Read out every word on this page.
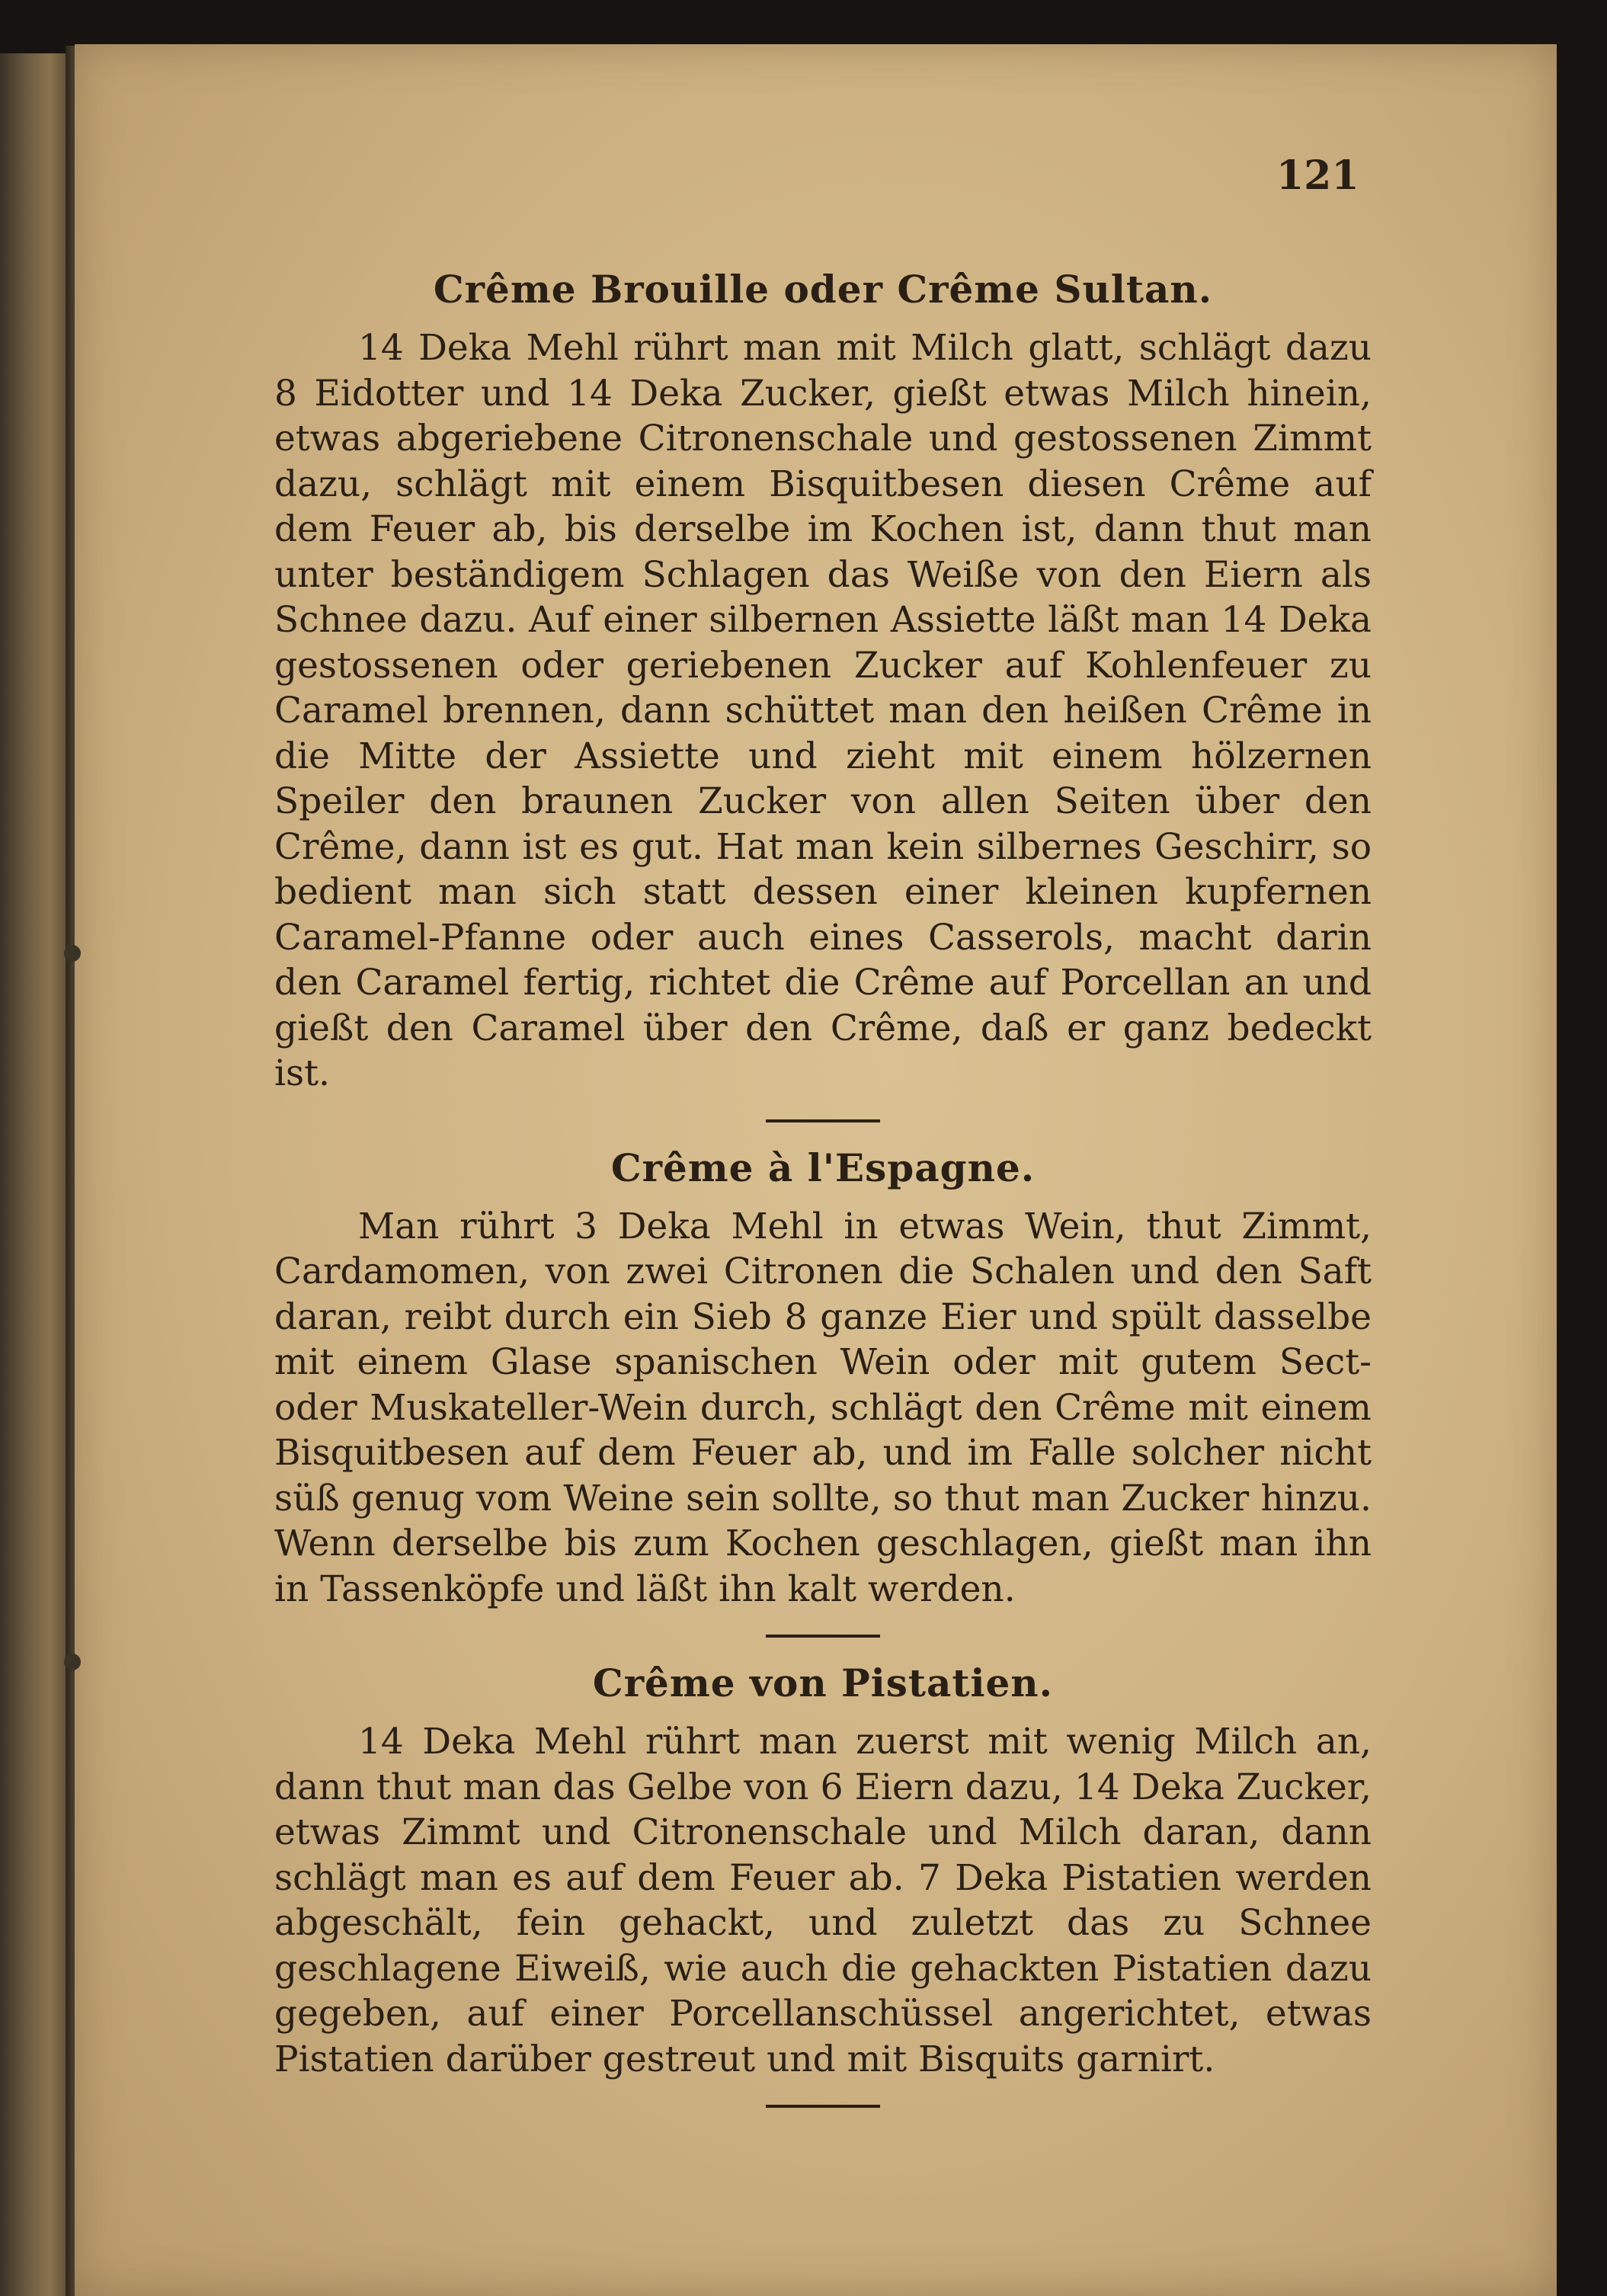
121
Crême Brouille oder Crême Sultan.

14 Deka Mehl rührt man mit Milch glatt, schlägt dazu 8 Eidotter und 14 Deka Zucker, gießt etwas Milch hinein, etwas abgeriebene Citronenschale und gestossenen Zimmt dazu, schlägt mit einem Bisquitbesen diesen Crême auf dem Feuer ab, bis derselbe im Kochen ist, dann thut man unter beständigem Schlagen das Weiße von den Eiern als Schnee dazu. Auf einer silbernen Assiette läßt man 14 Deka gestossenen oder geriebenen Zucker auf Kohlenfeuer zu Caramel brennen, dann schüttet man den heißen Crême in die Mitte der Assiette und zieht mit einem hölzernen Speiler den braunen Zucker von allen Seiten über den Crême, dann ist es gut. Hat man kein silbernes Geschirr, so bedient man sich statt dessen einer kleinen kupfernen Caramel-Pfanne oder auch eines Casserols, macht darin den Caramel fertig, richtet die Crême auf Porcellan an und gießt den Caramel über den Crême, daß er ganz bedeckt ist.

Crême à l'Espagne.

Man rührt 3 Deka Mehl in etwas Wein, thut Zimmt, Cardamomen, von zwei Citronen die Schalen und den Saft daran, reibt durch ein Sieb 8 ganze Eier und spült dasselbe mit einem Glase spanischen Wein oder mit gutem Sect- oder Muskateller-Wein durch, schlägt den Crême mit einem Bisquitbesen auf dem Feuer ab, und im Falle solcher nicht süß genug vom Weine sein sollte, so thut man Zucker hinzu. Wenn derselbe bis zum Kochen geschlagen, gießt man ihn in Tassenköpfe und läßt ihn kalt werden.

Crême von Pistatien.

14 Deka Mehl rührt man zuerst mit wenig Milch an, dann thut man das Gelbe von 6 Eiern dazu, 14 Deka Zucker, etwas Zimmt und Citronenschale und Milch daran, dann schlägt man es auf dem Feuer ab. 7 Deka Pistatien werden abgeschält, fein gehackt, und zuletzt das zu Schnee geschlagene Eiweiß, wie auch die gehackten Pistatien dazu gegeben, auf einer Porcellanschüssel angerichtet, etwas Pistatien darüber gestreut und mit Bisquits garnirt.
